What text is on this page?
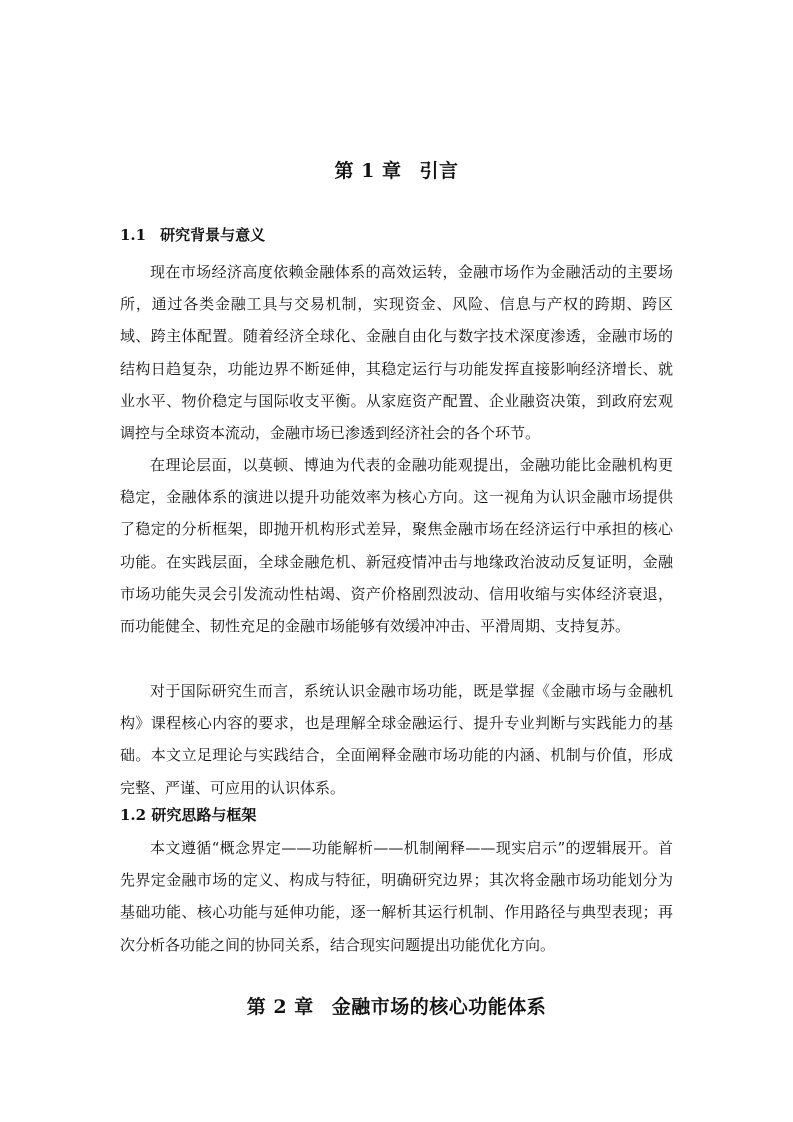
第 1 章 引言
1.1 研究背景与意义

现在市场经济高度依赖金融体系的高效运转，金融市场作为金融活动的主要场所，通过各类金融工具与交易机制，实现资金、风险、信息与产权的跨期、跨区域、跨主体配置。随着经济全球化、金融自由化与数字技术深度渗透，金融市场的结构日趋复杂，功能边界不断延伸，其稳定运行与功能发挥直接影响经济增长、就业水平、物价稳定与国际收支平衡。从家庭资产配置、企业融资决策，到政府宏观调控与全球资本流动，金融市场已渗透到经济社会的各个环节。

在理论层面，以莫顿、博迪为代表的金融功能观提出，金融功能比金融机构更稳定，金融体系的演进以提升功能效率为核心方向。这一视角为认识金融市场提供了稳定的分析框架，即抛开机构形式差异，聚焦金融市场在经济运行中承担的核心功能。在实践层面，全球金融危机、新冠疫情冲击与地缘政治波动反复证明，金融市场功能失灵会引发流动性枯竭、资产价格剧烈波动、信用收缩与实体经济衰退，而功能健全、韧性充足的金融市场能够有效缓冲冲击、平滑周期、支持复苏。

对于国际研究生而言，系统认识金融市场功能，既是掌握《金融市场与金融机构》课程核心内容的要求，也是理解全球金融运行、提升专业判断与实践能力的基础。本文立足理论与实践结合，全面阐释金融市场功能的内涵、机制与价值，形成完整、严谨、可应用的认识体系。

1.2 研究思路与框架

本文遵循“概念界定——功能解析——机制阐释——现实启示”的逻辑展开。首先界定金融市场的定义、构成与特征，明确研究边界；其次将金融市场功能划分为基础功能、核心功能与延伸功能，逐一解析其运行机制、作用路径与典型表现；再次分析各功能之间的协同关系，结合现实问题提出功能优化方向。

第 2 章 金融市场的核心功能体系
